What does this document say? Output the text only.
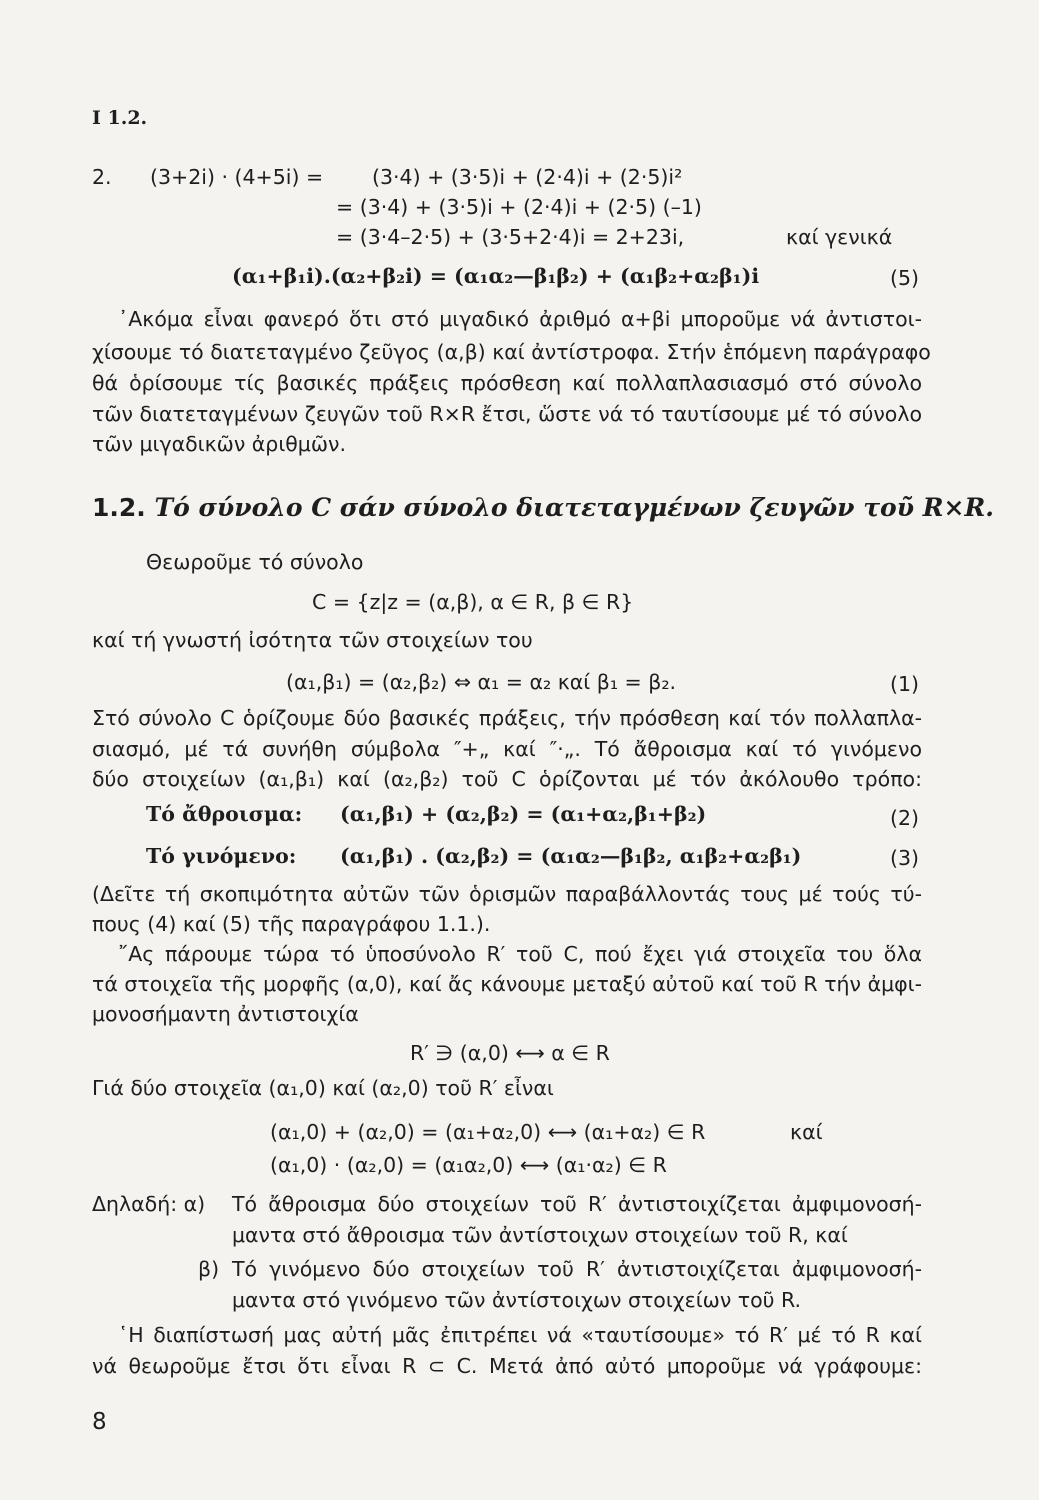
I 1.2.
2. (3+2i) · (4+5i) = (3·4) + (3·5)i + (2·4)i + (2·5)i²
= (3·4) + (3·5)i + (2·4)i + (2·5) (–1)
= (3·4–2·5) + (3·5+2·4)i = 2+23i,	καί γενικά
(α₁+β₁i).(α₂+β₂i) = (α₁α₂—β₁β₂) + (α₁β₂+α₂β₁)i	(5)
᾿Ακόμα εἶναι φανερό ὅτι στό μιγαδικό ἀριθμό α+βi μποροῦμε νά ἀντιστοι-
χίσουμε τό διατεταγμένο ζεῦγος (α,β) καί ἀντίστροφα. Στήν ἑπόμενη παράγραφο
θά ὁρίσουμε τίς βασικές πράξεις πρόσθεση καί πολλαπλασιασμό στό σύνολο
τῶν διατεταγμένων ζευγῶν τοῦ R×R ἔτσι, ὥστε νά τό ταυτίσουμε μέ τό σύνολο
τῶν μιγαδικῶν ἀριθμῶν.
1.2. Τό σύνολο C σάν σύνολο διατεταγμένων ζευγῶν τοῦ R×R.
Θεωροῦμε τό σύνολο
C = {z|z = (α,β), α ∈ R, β ∈ R}
καί τή γνωστή ἰσότητα τῶν στοιχείων του
(α₁,β₁) = (α₂,β₂) ⇔ α₁ = α₂ καί β₁ = β₂.	(1)
Στό σύνολο C ὁρίζουμε δύο βασικές πράξεις, τήν πρόσθεση καί τόν πολλαπλα-
σιασμό, μέ τά συνήθη σύμβολα ″+„ καί ″·„. Τό ἄθροισμα καί τό γινόμενο
δύο στοιχείων (α₁,β₁) καί (α₂,β₂) τοῦ C ὁρίζονται μέ τόν ἀκόλουθο τρόπο:
Τό ἄθροισμα: (α₁,β₁) + (α₂,β₂) = (α₁+α₂,β₁+β₂)	(2)
Τό γινόμενο: (α₁,β₁) . (α₂,β₂) = (α₁α₂—β₁β₂, α₁β₂+α₂β₁)	(3)
(Δεῖτε τή σκοπιμότητα αὐτῶν τῶν ὁρισμῶν παραβάλλοντάς τους μέ τούς τύ-
πους (4) καί (5) τῆς παραγράφου 1.1.).
῎Ας πάρουμε τώρα τό ὑποσύνολο R′ τοῦ C, πού ἔχει γιά στοιχεῖα του ὅλα
τά στοιχεῖα τῆς μορφῆς (α,0), καί ἄς κάνουμε μεταξύ αὐτοῦ καί τοῦ R τήν ἀμφι-
μονοσήμαντη ἀντιστοιχία
R′ ∋ (α,0) ⟷ α ∈ R
Γιά δύο στοιχεῖα (α₁,0) καί (α₂,0) τοῦ R′ εἶναι
(α₁,0) + (α₂,0) = (α₁+α₂,0) ⟷ (α₁+α₂) ∈ R	καί
(α₁,0) · (α₂,0) = (α₁α₂,0) ⟷ (α₁·α₂) ∈ R
Δηλαδή: α) Τό ἄθροισμα δύο στοιχείων τοῦ R′ ἀντιστοιχίζεται ἀμφιμονοσή-
μαντα στό ἄθροισμα τῶν ἀντίστοιχων στοιχείων τοῦ R, καί
β) Τό γινόμενο δύο στοιχείων τοῦ R′ ἀντιστοιχίζεται ἀμφιμονοσή-
μαντα στό γινόμενο τῶν ἀντίστοιχων στοιχείων τοῦ R.
῾Η διαπίστωσή μας αὐτή μᾶς ἐπιτρέπει νά «ταυτίσουμε» τό R′ μέ τό R καί
νά θεωροῦμε ἔτσι ὅτι εἶναι R ⊂ C. Μετά ἀπό αὐτό μποροῦμε νά γράφουμε:
8
